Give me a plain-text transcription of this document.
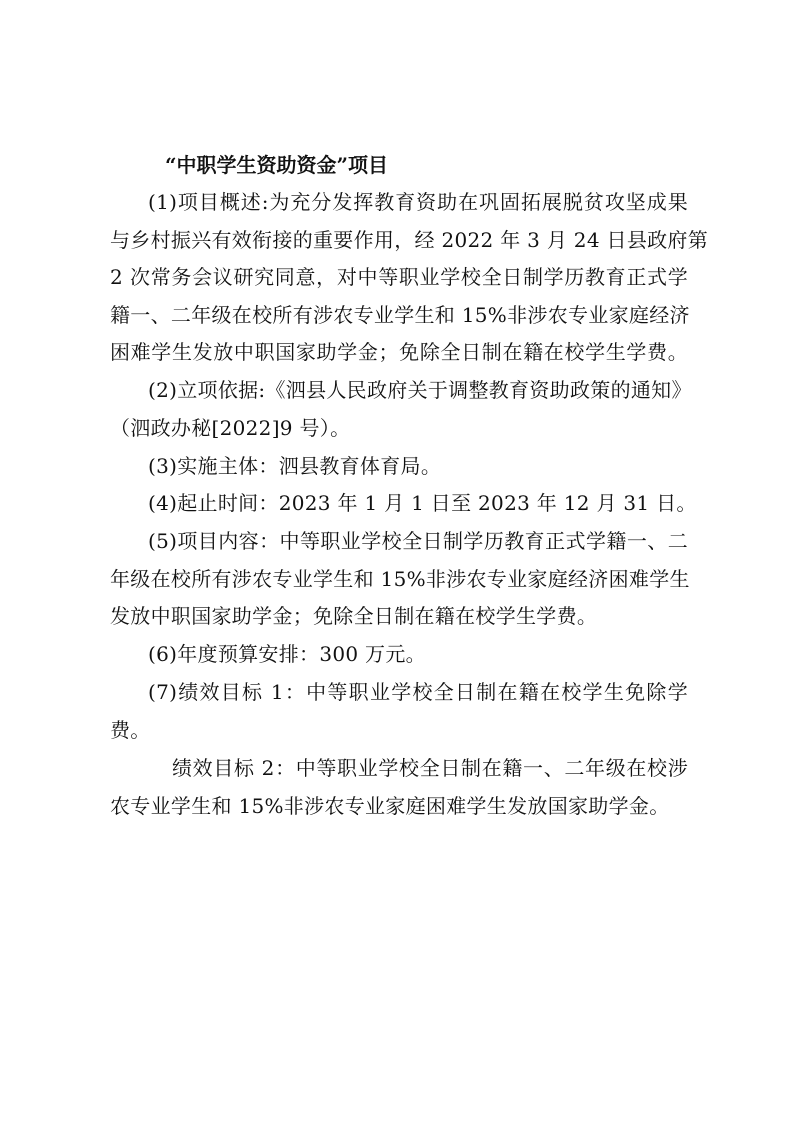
“中职学生资助资金”项目
(1)项目概述:为充分发挥教育资助在巩固拓展脱贫攻坚成果
与乡村振兴有效衔接的重要作用，经 2022 年 3 月 24 日县政府第
2 次常务会议研究同意，对中等职业学校全日制学历教育正式学
籍一、二年级在校所有涉农专业学生和 15%非涉农专业家庭经济
困难学生发放中职国家助学金；免除全日制在籍在校学生学费。
(2)立项依据:《泗县人民政府关于调整教育资助政策的通知》
（泗政办秘[2022]9 号）。
(3)实施主体：泗县教育体育局。
(4)起止时间：2023 年 1 月 1 日至 2023 年 12 月 31 日。
(5)项目内容：中等职业学校全日制学历教育正式学籍一、二
年级在校所有涉农专业学生和 15%非涉农专业家庭经济困难学生
发放中职国家助学金；免除全日制在籍在校学生学费。
(6)年度预算安排：300 万元。
(7)绩效目标 1：中等职业学校全日制在籍在校学生免除学
费。
绩效目标 2：中等职业学校全日制在籍一、二年级在校涉
农专业学生和 15%非涉农专业家庭困难学生发放国家助学金。
